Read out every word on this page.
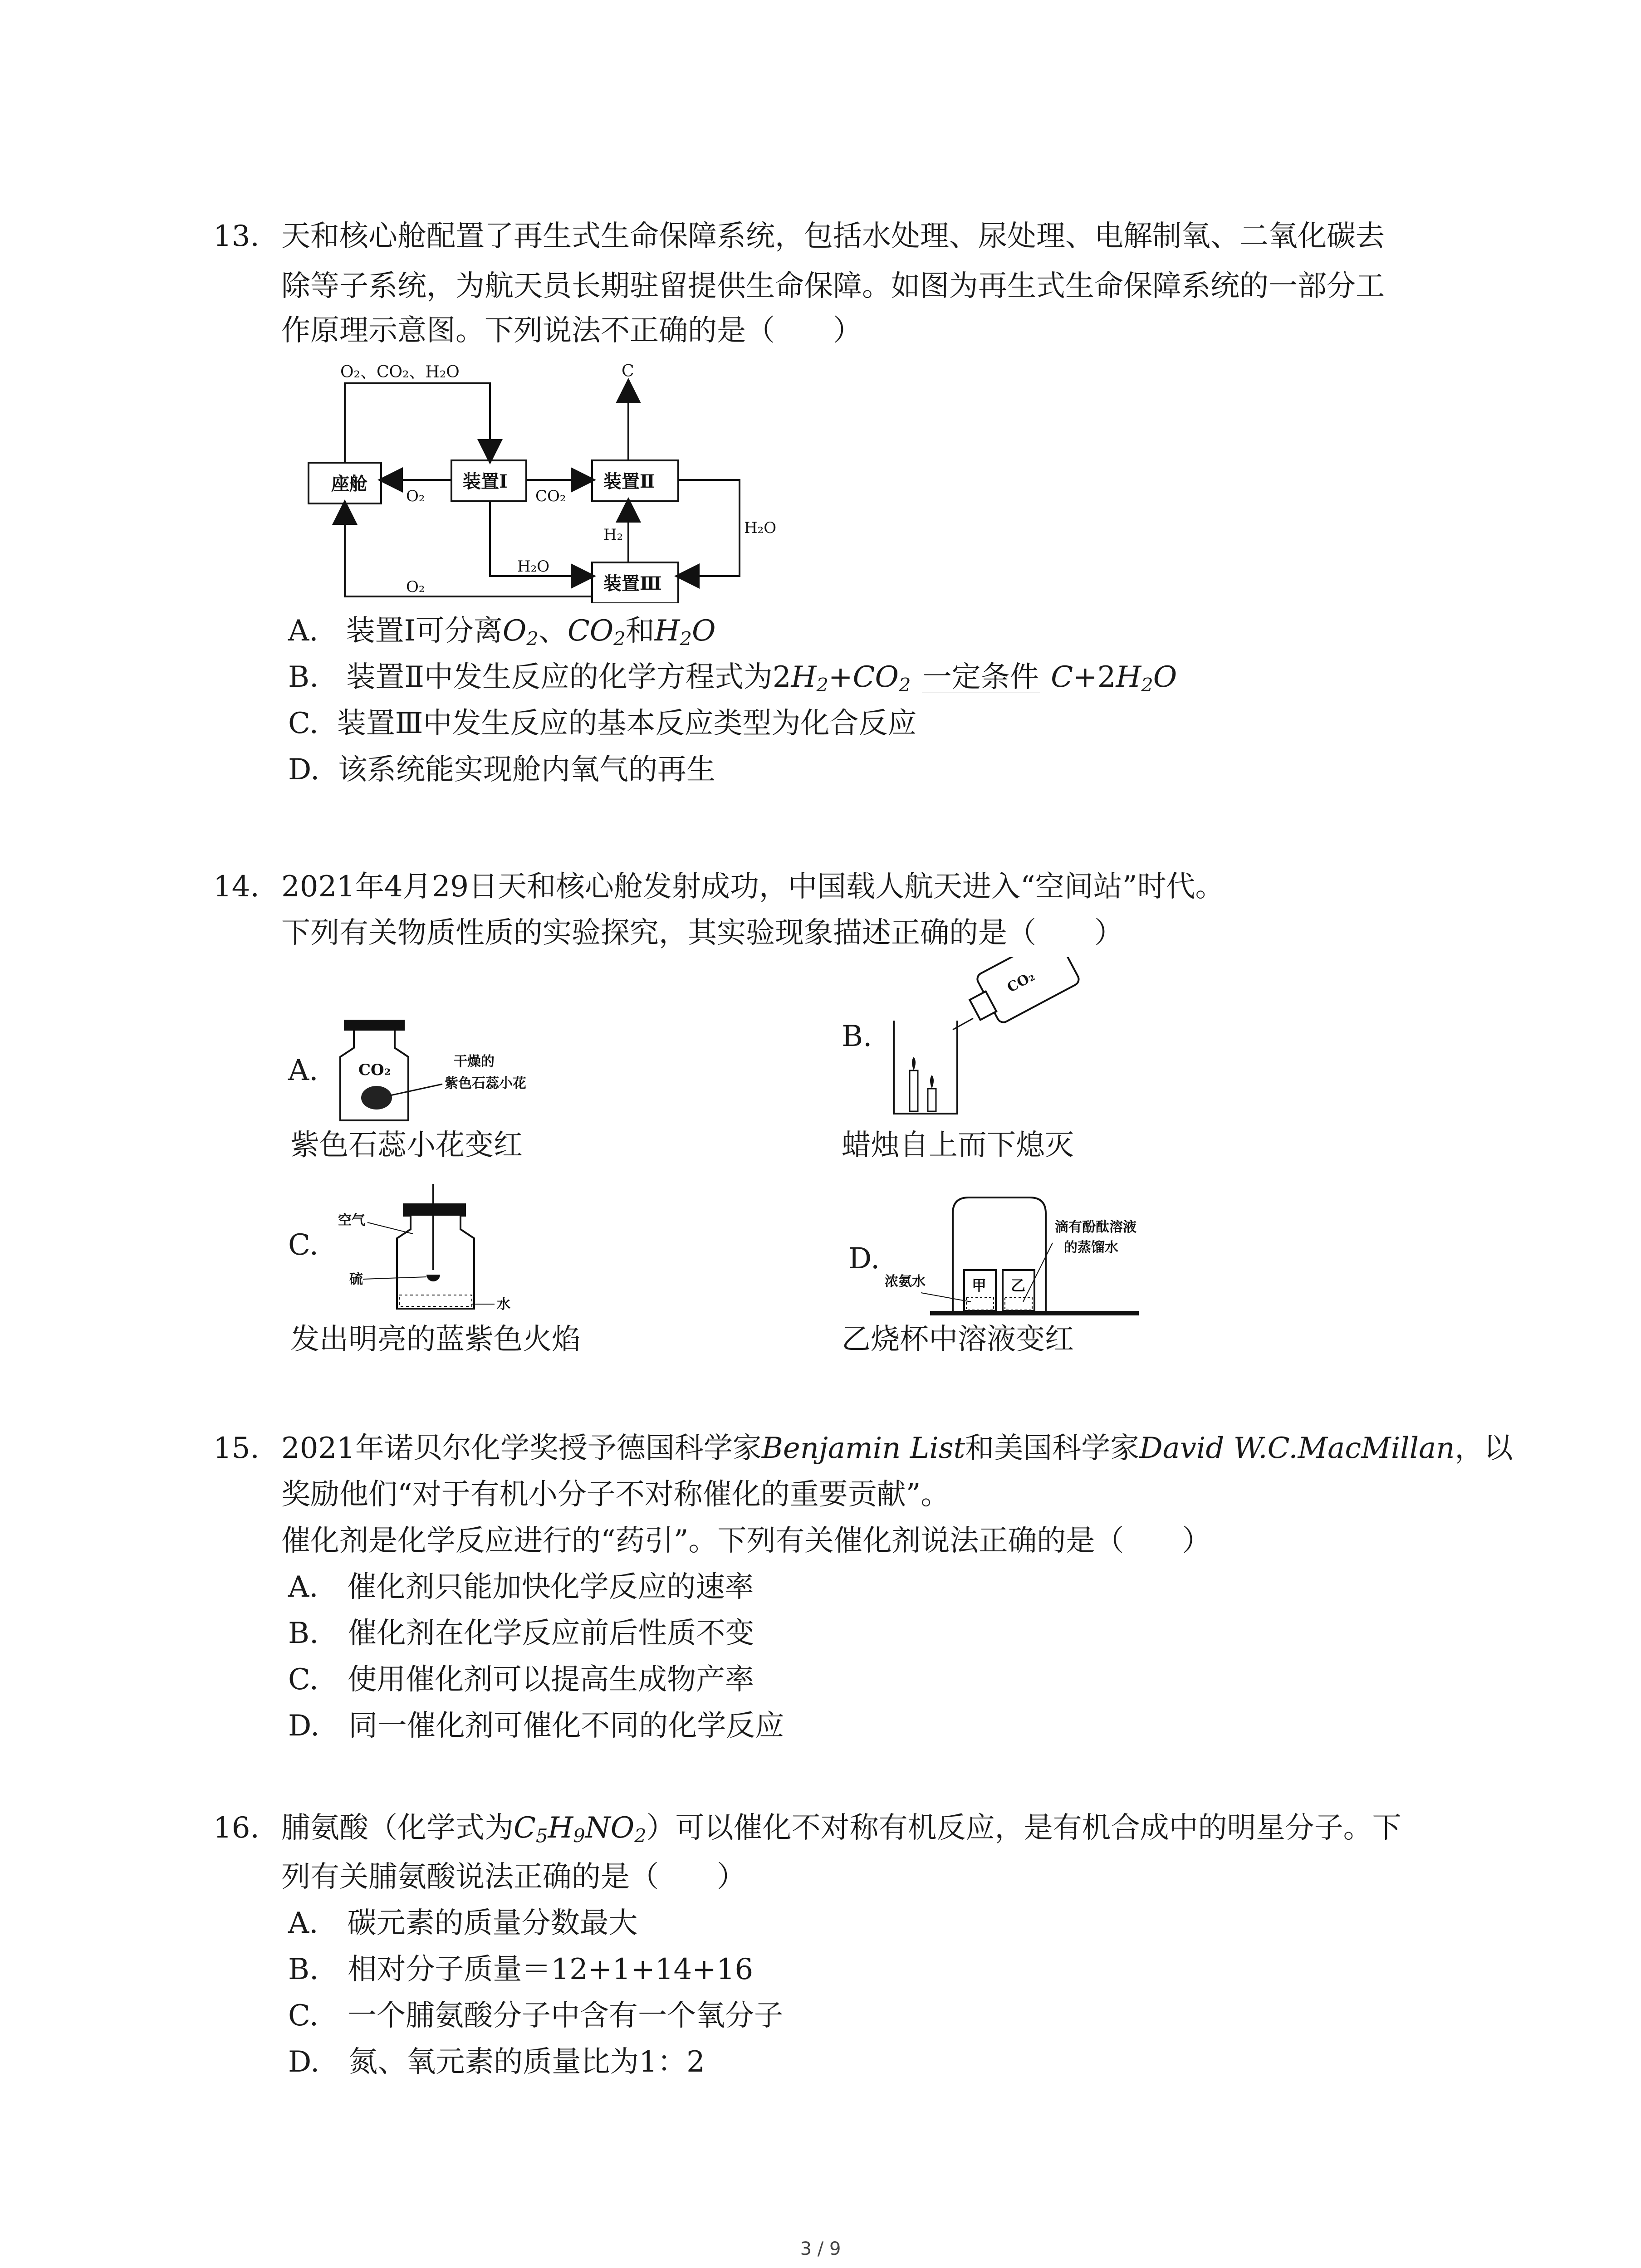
13. 天和核心舱配置了再生式生命保障系统，包括水处理、尿处理、电解制氧、二氧化碳去
除等子系统，为航天员长期驻留提供生命保障。如图为再生式生命保障系统的一部分工
作原理示意图。下列说法不正确的是（　　）
座舱	装置Ⅰ	装置Ⅱ
装置Ⅲ
O₂、CO₂、H₂O	C
O₂	CO₂
H₂	H₂O
H₂O
O₂
A. 装置Ⅰ可分离$O_2$、$CO_2$和$H_2O$
B. 装置Ⅱ中发生反应的化学方程式为$2H_2+CO_2$ 一定条件 $C+2H_2O$
C. 装置Ⅲ中发生反应的基本反应类型为化合反应
D. 该系统能实现舱内氧气的再生
14. 2021年4月29日天和核心舱发射成功，中国载人航天进入“空间站”时代。
下列有关物质性质的实验探究，其实验现象描述正确的是（　　）
A.	CO₂	干燥的
紫色石蕊小花
紫色石蕊小花变红
B.
CO₂
蜡烛自上而下熄灭
C.
空气
硫
水
发出明亮的蓝紫色火焰
D.
浓氨水	甲 乙
滴有酚酞溶液
的蒸馏水
乙烧杯中溶液变红
15. 2021年诺贝尔化学奖授予德国科学家Benjamin List和美国科学家David W.C.MacMillan，以
奖励他们“对于有机小分子不对称催化的重要贡献”。
催化剂是化学反应进行的“药引”。下列有关催化剂说法正确的是（　　）
A.　催化剂只能加快化学反应的速率
B.　催化剂在化学反应前后性质不变
C.　使用催化剂可以提高生成物产率
D.　同一催化剂可催化不同的化学反应
16. 脯氨酸（化学式为$C_5H_9NO_2$）可以催化不对称有机反应，是有机合成中的明星分子。下
列有关脯氨酸说法正确的是（　　）
A.　碳元素的质量分数最大
B.　相对分子质量＝12+1+14+16
C.　一个脯氨酸分子中含有一个氧分子
D.　氮、氧元素的质量比为1：2
3 / 9
